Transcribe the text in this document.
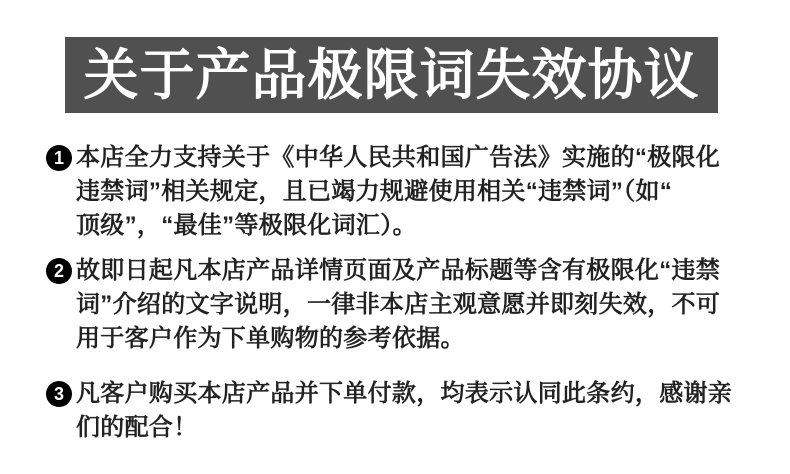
关于产品极限词失效协议
1 本店全力支持关于《中华人民共和国广告法》实施的“极限化
违禁词”相关规定，且已竭力规避使用相关“违禁词”（如“
顶级”，“最佳”等极限化词汇）。
2 故即日起凡本店产品详情页面及产品标题等含有极限化“违禁
词”介绍的文字说明，一律非本店主观意愿并即刻失效，不可
用于客户作为下单购物的参考依据。
3 凡客户购买本店产品并下单付款，均表示认同此条约，感谢亲
们的配合！
